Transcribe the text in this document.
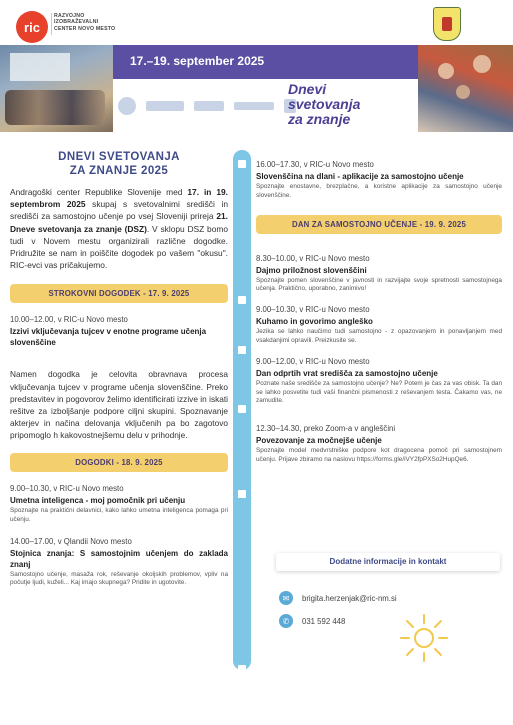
ric
RAZVOJNO
IZOBRAŽEVALNI
CENTER NOVO MESTO
17.–19. september 2025
Dnevi
svetovanja
za znanje
DNEVI SVETOVANJA
ZA ZNANJE 2025
Andragoški center Republike Slovenije med 17. in 19. septembrom 2025 skupaj s svetovalnimi središči in središči za samostojno učenje po vsej Sloveniji prireja 21. Dneve svetovanja za znanje (DSZ). V sklopu DSZ bomo tudi v Novem mestu organizirali različne dogodke. Pridružite se nam in poiščite dogodek po vašem "okusu". RIC-evci vas pričakujemo.
STROKOVNI DOGODEK - 17. 9. 2025
10.00–12.00, v RIC-u Novo mesto
Izzivi vključevanja tujcev v enotne programe učenja slovenščine
Namen dogodka je celovita obravnava procesa vključevanja tujcev v programe učenja slovenščine. Preko predstavitev in pogovorov želimo identificirati izzive in iskati rešitve za izboljšanje podpore ciljni skupini. Spoznavanje akterjev in načina delovanja vključenih pa bo zagotovo pripomoglo h kakovostnejšemu delu v prihodnje.
DOGODKI - 18. 9. 2025
9.00–10.30, v RIC-u Novo mesto
Umetna inteligenca - moj pomočnik pri učenju
Spoznajte na praktični delavnici, kako lahko umetna inteligenca pomaga pri učenju.
14.00–17.00, v Qlandii Novo mesto
Stojnica znanja: S samostojnim učenjem do zaklada znanj
Samostojno učenje, masaža rok, reševanje okoljskih problemov, vpliv na počutje ljudi, kuželi... Kaj imajo skupnega? Pridite in ugotovite.
16.00–17.30, v RIC-u Novo mesto
Slovenščina na dlani - aplikacije za samostojno učenje
Spoznajte enostavne, brezplačne, a koristne aplikacije za samostojno učenje slovenščine.
DAN ZA SAMOSTOJNO UČENJE - 19. 9. 2025
8.30–10.00, v RIC-u Novo mesto
Dajmo priložnost slovenščini
Spoznajte pomen slovenščine v javnosti in razvijajte svoje spretnosti samostojnega učenja. Praktično, uporabno, zanimivo!
9.00–10.30, v RIC-u Novo mesto
Kuhamo in govorimo angleško
Jezika se lahko naučimo tudi samostojno - z opazovanjem in ponavljanjem med vsakdanjimi opravili. Preizkusite se.
9.00–12.00, v RIC-u Novo mesto
Dan odprtih vrat središča za samostojno učenje
Poznate naše središče za samostojno učenje? Ne? Potem je čas za vas obisk. Ta dan se lahko posvetite tudi vaši finančni pismenosti z reševanjem testa. Čakamo vas, ne zamudite.
12.30–14.30, preko Zoom-a v angleščini
Povezovanje za močnejše učenje
Spoznajte model medvrstniške podpore kot dragocena pomoč pri samostojnem učenju. Prijave zbiramo na naslovu https://forms.gle/iVY2fpPXSo2HupQe6.
Dodatne informacije in kontakt
✉	brigita.herzenjak@ric-nm.si
✆	031 592 448
